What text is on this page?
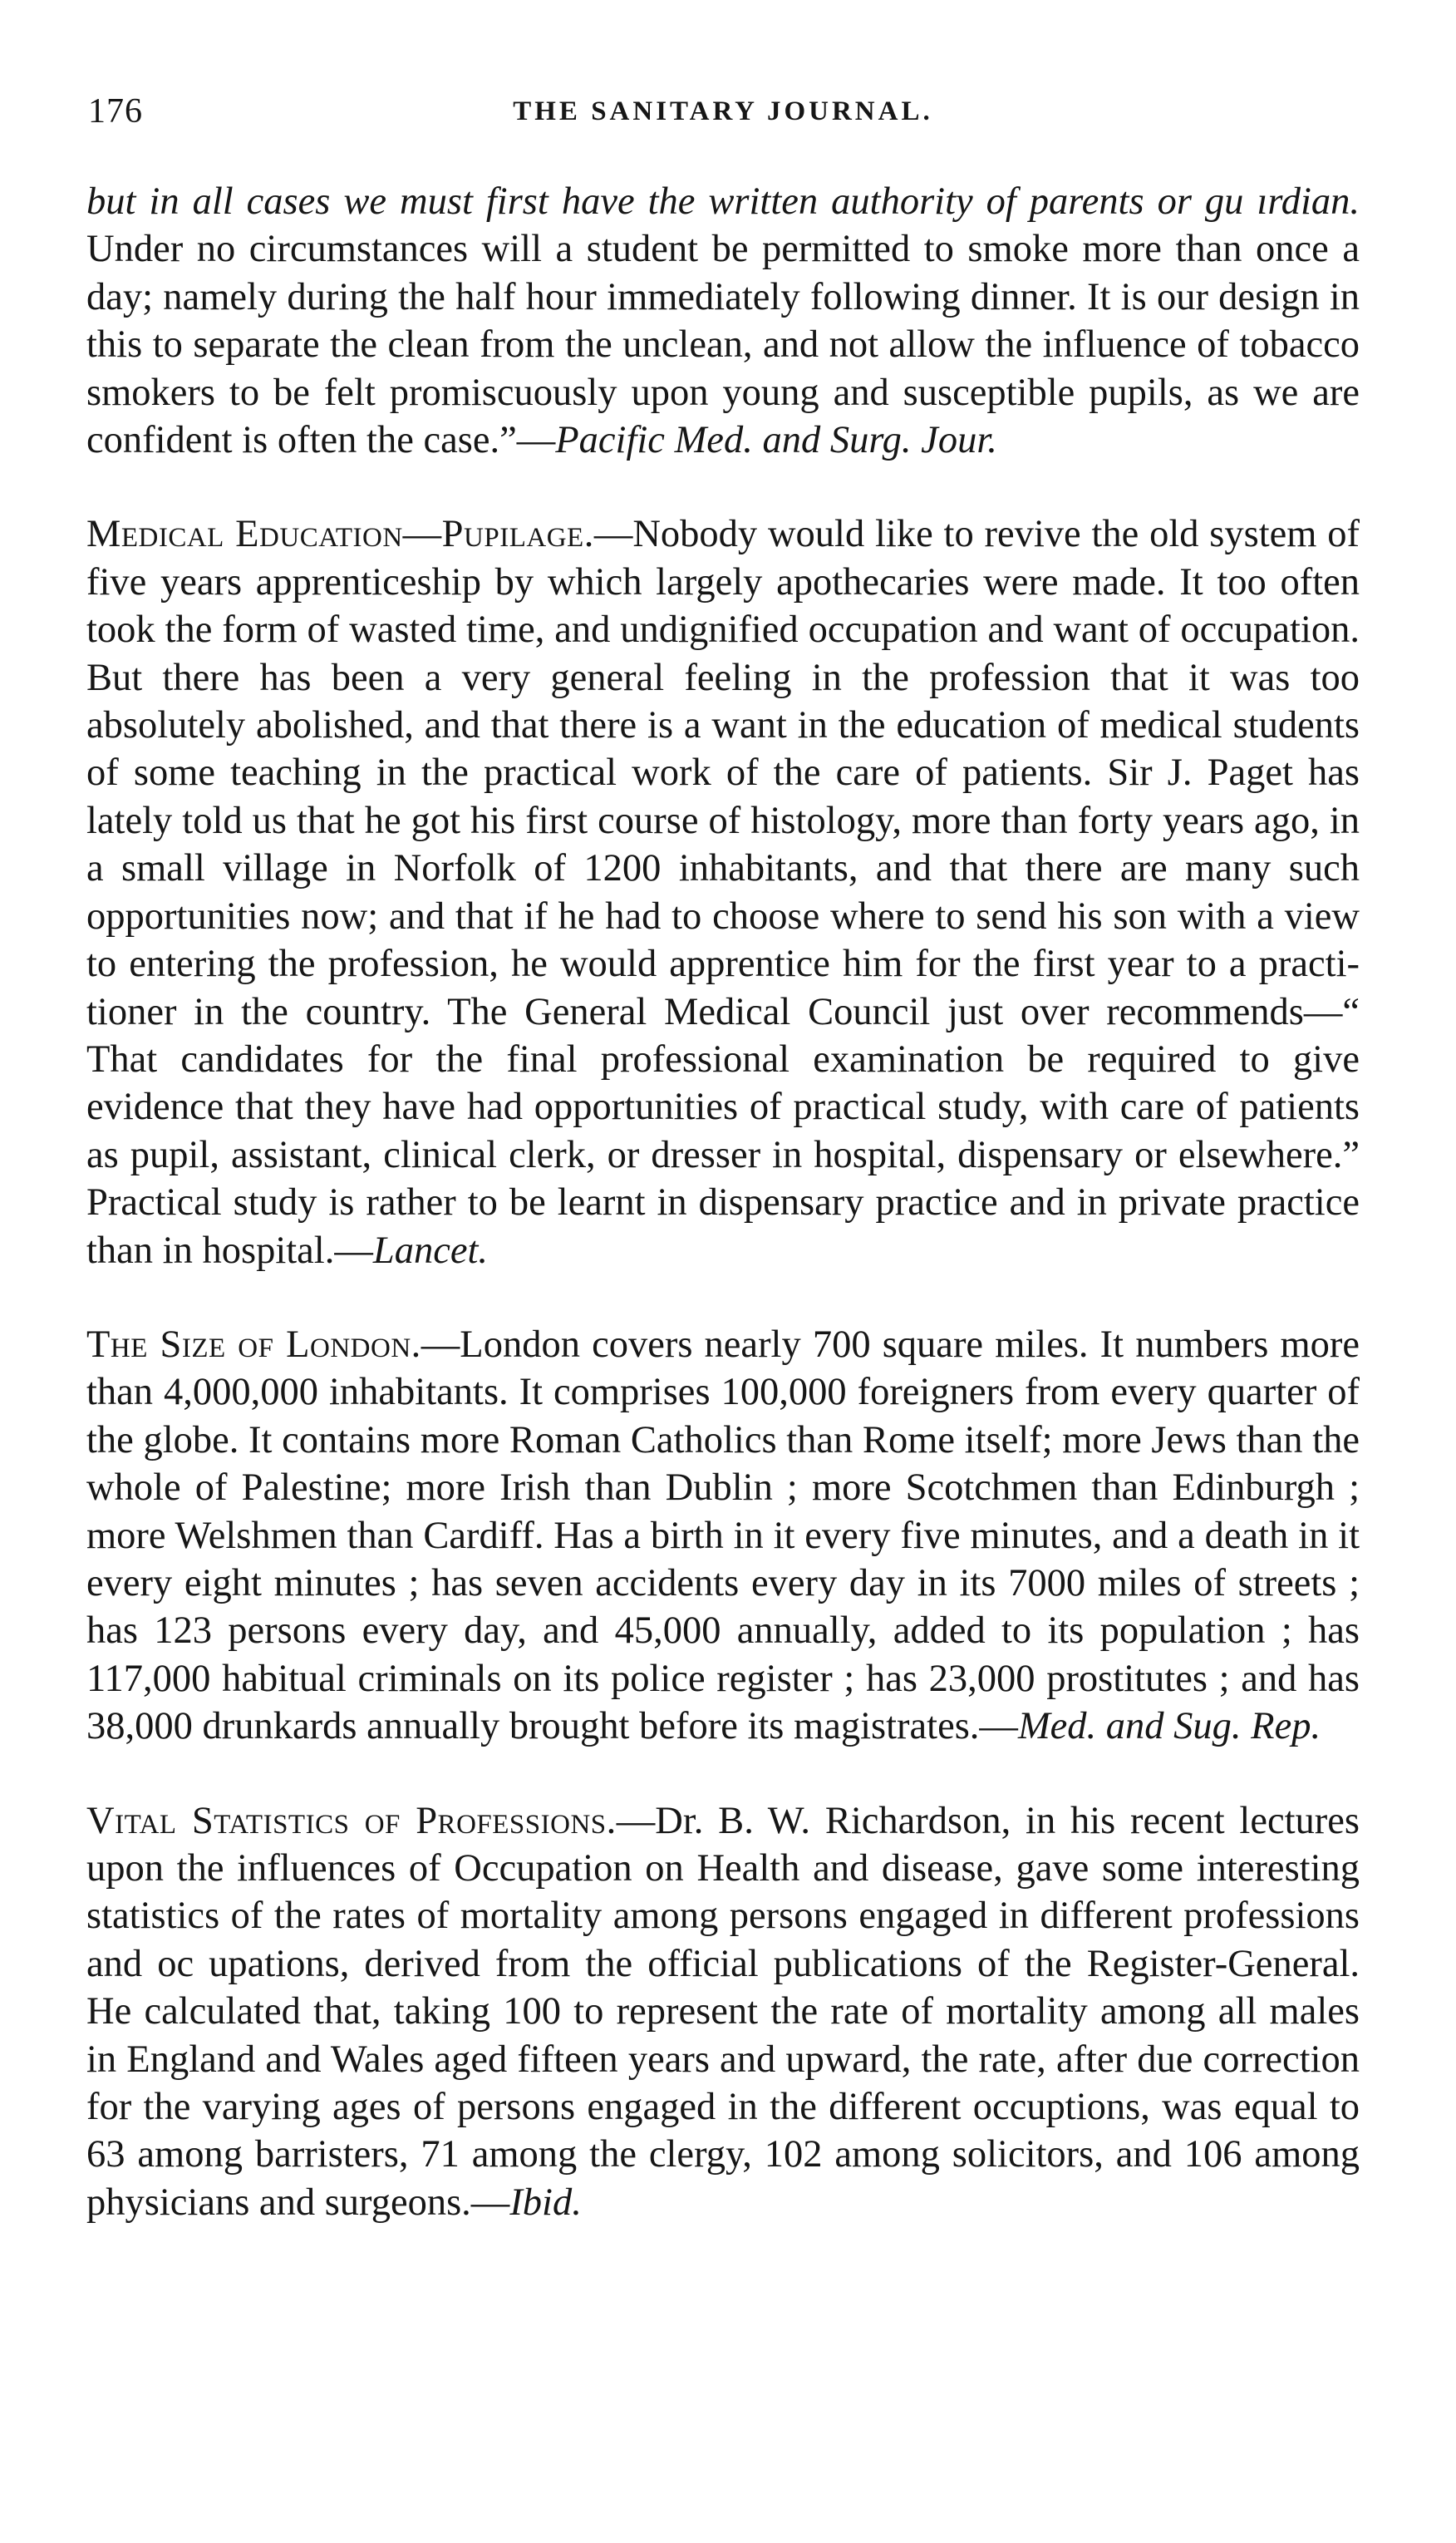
176	THE SANITARY JOURNAL.

but in all cases we must first have the written authority of parents or gu ırdian. Under no circumstances will a student be permitted to smoke more than once a day; namely during the half hour immediately following dinner. It is our design in this to separate the clean from the unclean, and not allow the influence of tobacco smokers to be felt promiscuously upon young and susceptible pupils, as we are confident is often the case.”—Pacific Med. and Surg. Jour.

Medical Education—Pupilage.—Nobody would like to revive the old system of five years apprenticeship by which largely apothecaries were made. It too often took the form of wasted time, and undignified occupation and want of occupation. But there has been a very general feeling in the profession that it was too absolutely abolished, and that there is a want in the education of medical students of some teaching in the practical work of the care of patients. Sir J. Paget has lately told us that he got his first course of histology, more than forty years ago, in a small village in Norfolk of 1200 inhabitants, and that there are many such opportunities now; and that if he had to choose where to send his son with a view to entering the profession, he would apprentice him for the first year to a practitioner in the country. The General Medical Council just over recommends—“ That candidates for the final professional examination be required to give evidence that they have had opportunities of practical study, with care of patients as pupil, assistant, clinical clerk, or dresser in hospital, dispensary or elsewhere.” Practical study is rather to be learnt in dispensary practice and in private practice than in hospital.—Lancet.

The Size of London.—London covers nearly 700 square miles. It numbers more than 4,000,000 inhabitants. It comprises 100,000 foreigners from every quarter of the globe. It contains more Roman Catholics than Rome itself; more Jews than the whole of Palestine; more Irish than Dublin ; more Scotchmen than Edinburgh ; more Welshmen than Cardiff. Has a birth in it every five minutes, and a death in it every eight minutes ; has seven accidents every day in its 7000 miles of streets ; has 123 persons every day, and 45,000 annually, added to its population ; has 117,000 habitual criminals on its police register ; has 23,000 prostitutes ; and has 38,000 drunkards annually brought before its magistrates.—Med. and Sug. Rep.

Vital Statistics of Professions.—Dr. B. W. Richardson, in his recent lectures upon the influences of Occupation on Health and disease, gave some interesting statistics of the rates of mortality among persons engaged in different professions and oc upations, derived from the official publications of the Register-General. He calculated that, taking 100 to represent the rate of mortality among all males in England and Wales aged fifteen years and upward, the rate, after due correction for the varying ages of persons engaged in the different occuptions, was equal to 63 among barristers, 71 among the clergy, 102 among solicitors, and 106 among physicians and surgeons.—Ibid.
